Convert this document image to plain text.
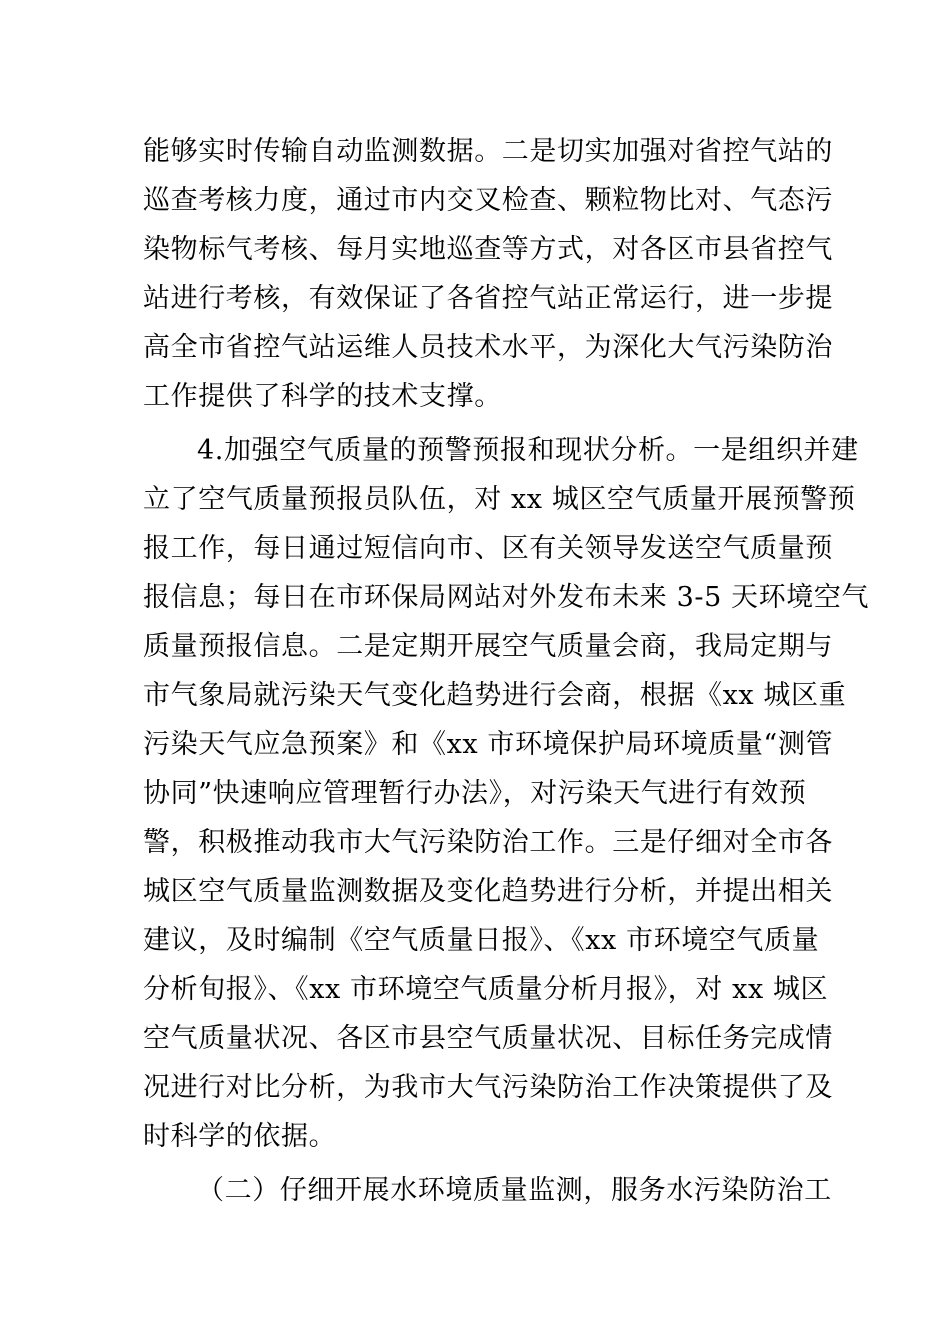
能够实时传输自动监测数据。二是切实加强对省控气站的
巡查考核力度，通过市内交叉检查、颗粒物比对、气态污
染物标气考核、每月实地巡查等方式，对各区市县省控气
站进行考核，有效保证了各省控气站正常运行，进一步提
高全市省控气站运维人员技术水平，为深化大气污染防治
工作提供了科学的技术支撑。
4.加强空气质量的预警预报和现状分析。一是组织并建
立了空气质量预报员队伍，对 xx 城区空气质量开展预警预
报工作，每日通过短信向市、区有关领导发送空气质量预
报信息；每日在市环保局网站对外发布未来 3-5 天环境空气
质量预报信息。二是定期开展空气质量会商，我局定期与
市气象局就污染天气变化趋势进行会商，根据《xx 城区重
污染天气应急预案》和《xx 市环境保护局环境质量“测管
协同”快速响应管理暂行办法》，对污染天气进行有效预
警，积极推动我市大气污染防治工作。三是仔细对全市各
城区空气质量监测数据及变化趋势进行分析，并提出相关
建议，及时编制《空气质量日报》、《xx 市环境空气质量
分析旬报》、《xx 市环境空气质量分析月报》，对 xx 城区
空气质量状况、各区市县空气质量状况、目标任务完成情
况进行对比分析，为我市大气污染防治工作决策提供了及
时科学的依据。
（二）仔细开展水环境质量监测，服务水污染防治工
